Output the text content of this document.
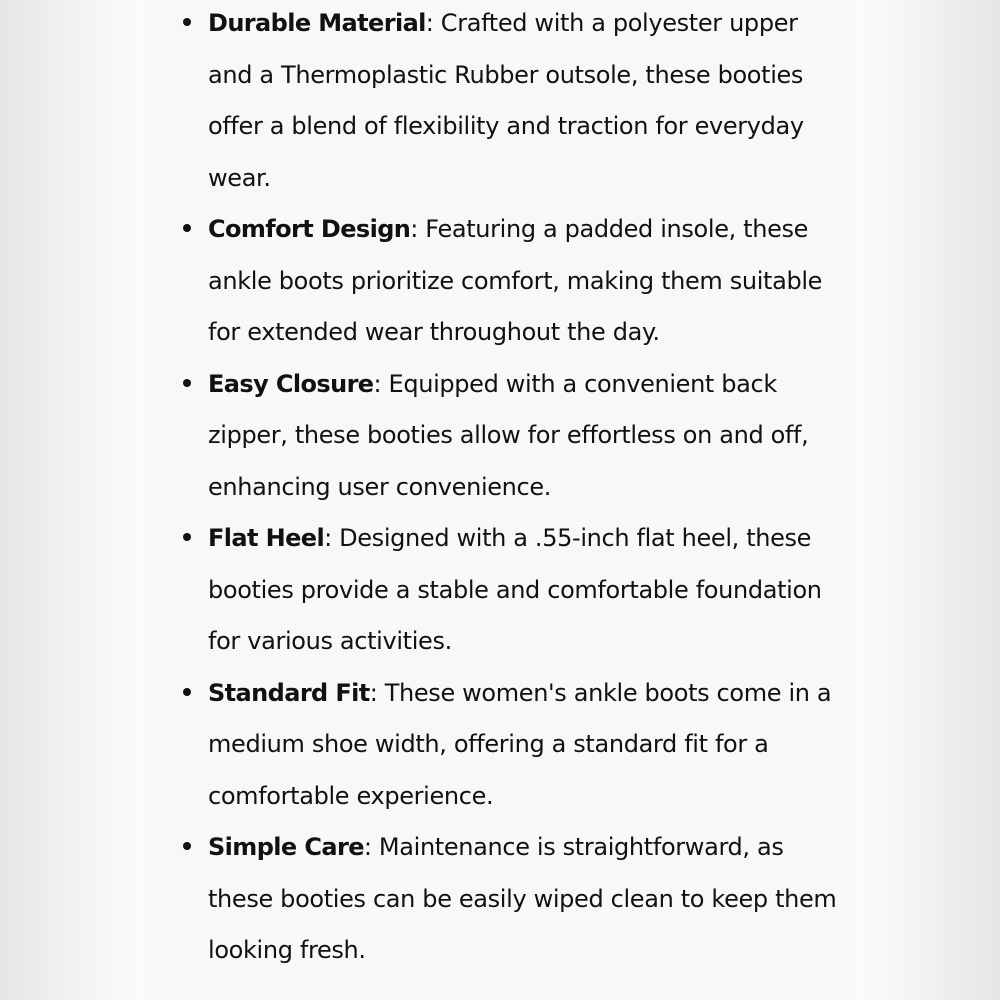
Durable Material: Crafted with a polyester upper and a Thermoplastic Rubber outsole, these booties offer a blend of flexibility and traction for everyday wear.
Comfort Design: Featuring a padded insole, these ankle boots prioritize comfort, making them suitable for extended wear throughout the day.
Easy Closure: Equipped with a convenient back zipper, these booties allow for effortless on and off, enhancing user convenience.
Flat Heel: Designed with a .55-inch flat heel, these booties provide a stable and comfortable foundation for various activities.
Standard Fit: These women's ankle boots come in a medium shoe width, offering a standard fit for a comfortable experience.
Simple Care: Maintenance is straightforward, as these booties can be easily wiped clean to keep them looking fresh.
